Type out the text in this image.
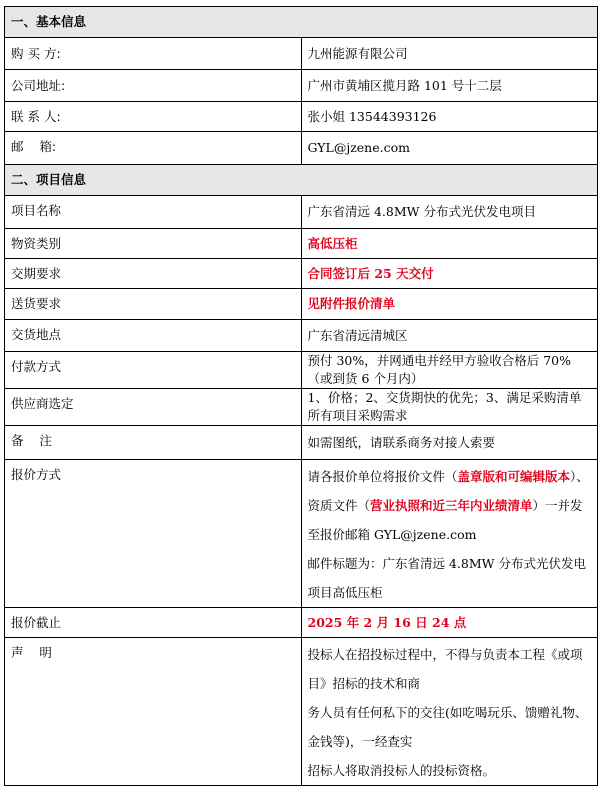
一、基本信息	
购 买 方:	九州能源有限公司
公司地址:	广州市黄埔区揽月路 101 号十二层
联 系 人:	张小姐 13544393126
邮    箱:	GYL@jzene.com
二、项目信息	
项目名称	广东省清远 4.8MW 分布式光伏发电项目
物资类别	高低压柜
交期要求	合同签订后 25 天交付
送货要求	见附件报价清单
交货地点	广东省清远清城区
付款方式	预付 30%，并网通电并经甲方验收合格后 70%（或到货 6 个月内）
供应商选定	1、价格；2、交货期快的优先；3、满足采购清单所有项目采购需求
备    注	如需图纸，请联系商务对接人索要
报价方式	请各报价单位将报价文件（盖章版和可编辑版本）、资质文件（营业执照和近三年内业绩清单）一并发至报价邮箱 GYL@jzene.com
邮件标题为：广东省清远 4.8MW 分布式光伏发电项目高低压柜
报价截止	2025 年 2 月 16 日 24 点
声    明	投标人在招投标过程中，不得与负责本工程《或项目》招标的技术和商
务人员有任何私下的交往(如吃喝玩乐、馈赠礼物、金钱等)，一经查实
招标人将取消投标人的投标资格。
